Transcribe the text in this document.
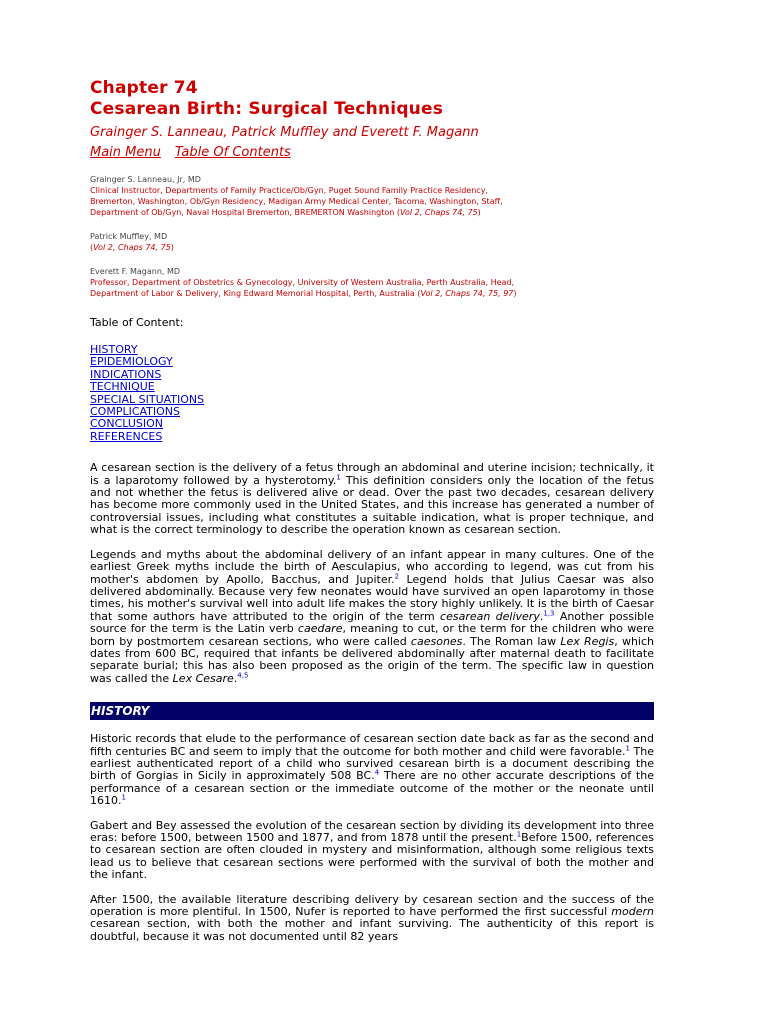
Chapter 74
Cesarean Birth: Surgical Techniques

Grainger S. Lanneau, Patrick Muffley and Everett F. Magann

Main Menu Table Of Contents

Grainger S. Lanneau, Jr, MD
Clinical Instructor, Departments of Family Practice/Ob/Gyn, Puget Sound Family Practice Residency,
Bremerton, Washington, Ob/Gyn Residency, Madigan Army Medical Center, Tacoma, Washington, Staff,
Department of Ob/Gyn, Naval Hospital Bremerton, BREMERTON Washington (Vol 2, Chaps 74, 75)
Patrick Muffley, MD
(Vol 2, Chaps 74, 75)
Everett F. Magann, MD
Professor, Department of Obstetrics & Gynecology, University of Western Australia, Perth Australia, Head,
Department of Labor & Delivery, King Edward Memorial Hospital, Perth, Australia (Vol 2, Chaps 74, 75, 97)

Table of Content:

HISTORY
EPIDEMIOLOGY
INDICATIONS
TECHNIQUE
SPECIAL SITUATIONS
COMPLICATIONS
CONCLUSION
REFERENCES

A cesarean section is the delivery of a fetus through an abdominal and uterine incision; technically, it is a laparotomy followed by a hysterotomy.$^1$ This definition considers only the location of the fetus and not whether the fetus is delivered alive or dead. Over the past two decades, cesarean delivery has become more commonly used in the United States, and this increase has generated a number of controversial issues, including what constitutes a suitable indication, what is proper technique, and what is the correct terminology to describe the operation known as cesarean section.

Legends and myths about the abdominal delivery of an infant appear in many cultures. One of the earliest Greek myths include the birth of Aesculapius, who according to legend, was cut from his mother's abdomen by Apollo, Bacchus, and Jupiter.$^2$ Legend holds that Julius Caesar was also delivered abdominally. Because very few neonates would have survived an open laparotomy in those times, his mother's survival well into adult life makes the story highly unlikely. It is the birth of Caesar that some authors have attributed to the origin of the term cesarean delivery.$^{1,3}$ Another possible source for the term is the Latin verb caedare, meaning to cut, or the term for the children who were born by postmortem cesarean sections, who were called caesones. The Roman law Lex Regis, which dates from 600 BC, required that infants be delivered abdominally after maternal death to facilitate separate burial; this has also been proposed as the origin of the term. The specific law in question was called the Lex Cesare.$^{4,5}$

HISTORY

Historic records that elude to the performance of cesarean section date back as far as the second and fifth centuries BC and seem to imply that the outcome for both mother and child were favorable.$^1$ The earliest authenticated report of a child who survived cesarean birth is a document describing the birth of Gorgias in Sicily in approximately 508 BC.$^4$ There are no other accurate descriptions of the performance of a cesarean section or the immediate outcome of the mother or the neonate until 1610.$^1$

Gabert and Bey assessed the evolution of the cesarean section by dividing its development into three eras: before 1500, between 1500 and 1877, and from 1878 until the present.$^1$Before 1500, references to cesarean section are often clouded in mystery and misinformation, although some religious texts lead us to believe that cesarean sections were performed with the survival of both the mother and the infant.

After 1500, the available literature describing delivery by cesarean section and the success of the operation is more plentiful. In 1500, Nufer is reported to have performed the first successful modern cesarean section, with both the mother and infant surviving. The authenticity of this report is doubtful, because it was not documented until 82 years
